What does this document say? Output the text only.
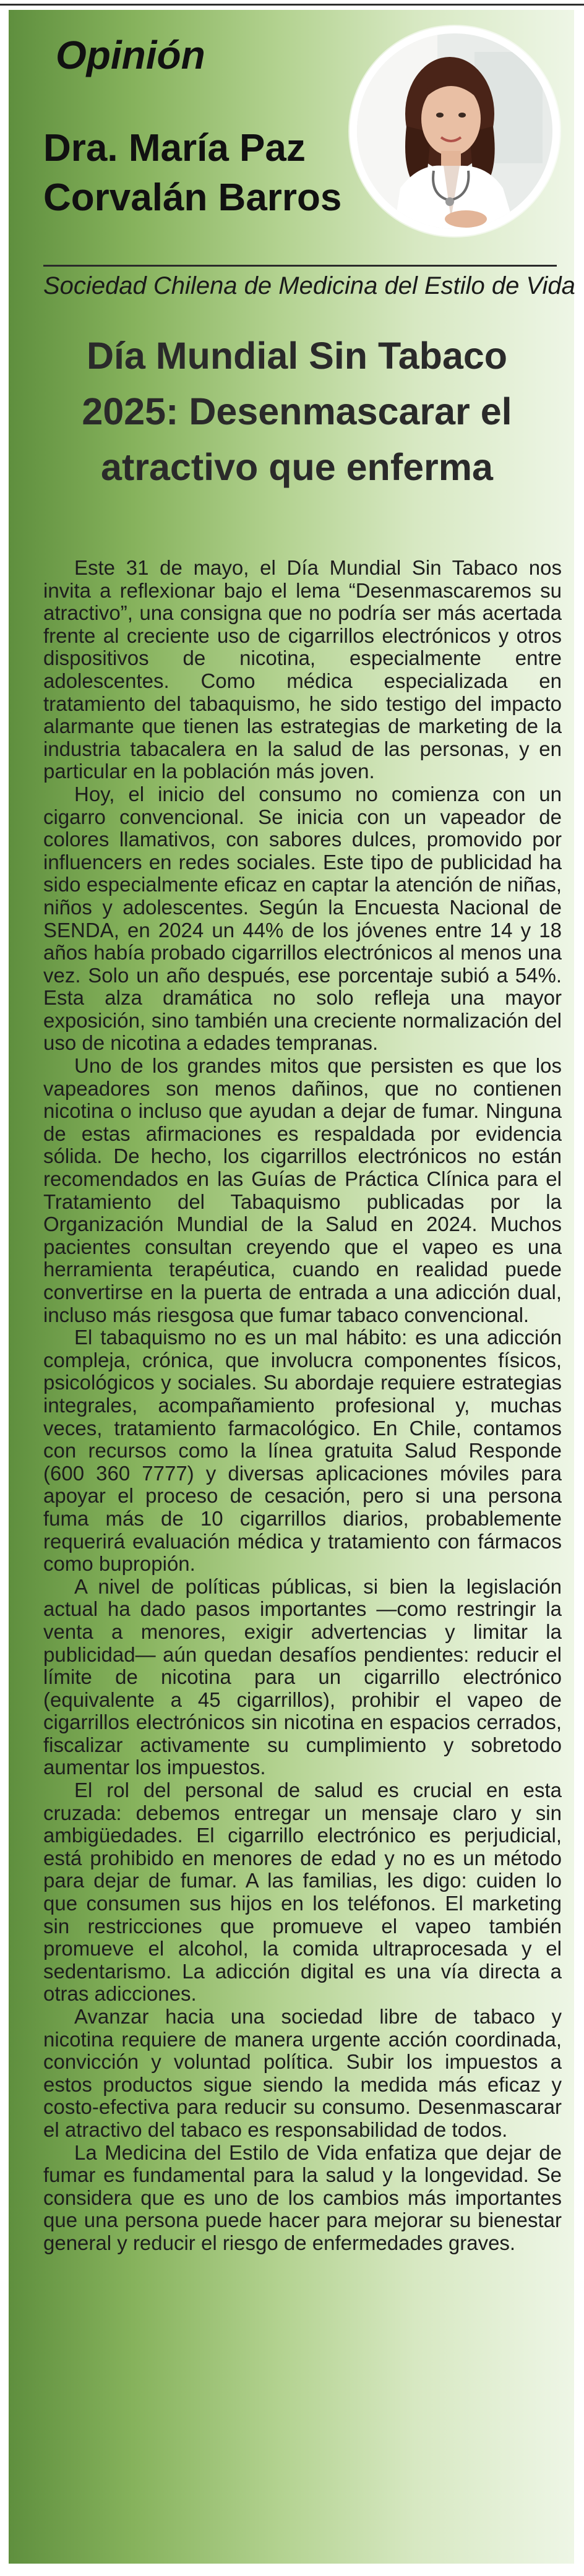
Opinión
Dra. María Paz
Corvalán Barros
Sociedad Chilena de Medicina del Estilo de Vida
Día Mundial Sin Tabaco
2025: Desenmascarar el
atractivo que enferma

Este 31 de mayo, el Día Mundial Sin Tabaco nos invita a reflexionar bajo el lema “Desenmascaremos su atractivo”, una consigna que no podría ser más acertada frente al creciente uso de cigarrillos electrónicos y otros dispositivos de nicotina, especialmente entre adolescentes. Como médica especializada en tratamiento del tabaquismo, he sido testigo del impacto alarmante que tienen las estrategias de marketing de la industria tabacalera en la salud de las personas, y en particular en la población más joven.

Hoy, el inicio del consumo no comienza con un cigarro convencional. Se inicia con un vapeador de colores llamativos, con sabores dulces, promovido por influencers en redes sociales. Este tipo de publicidad ha sido especialmente eficaz en captar la atención de niñas, niños y adolescentes. Según la Encuesta Nacional de SENDA, en 2024 un 44% de los jóvenes entre 14 y 18 años había probado cigarrillos electrónicos al menos una vez. Solo un año después, ese porcentaje subió a 54%. Esta alza dramática no solo refleja una mayor exposición, sino también una creciente normalización del uso de nicotina a edades tempranas.

Uno de los grandes mitos que persisten es que los vapeadores son menos dañinos, que no contienen nicotina o incluso que ayudan a dejar de fumar. Ninguna de estas afirmaciones es respaldada por evidencia sólida. De hecho, los cigarrillos electrónicos no están recomendados en las Guías de Práctica Clínica para el Tratamiento del Tabaquismo publicadas por la Organización Mundial de la Salud en 2024. Muchos pacientes consultan creyendo que el vapeo es una herramienta terapéutica, cuando en realidad puede convertirse en la puerta de entrada a una adicción dual, incluso más riesgosa que fumar tabaco convencional.

El tabaquismo no es un mal hábito: es una adicción compleja, crónica, que involucra componentes físicos, psicológicos y sociales. Su abordaje requiere estrategias integrales, acompañamiento profesional y, muchas veces, tratamiento farmacológico. En Chile, contamos con recursos como la línea gratuita Salud Responde (600 360 7777) y diversas aplicaciones móviles para apoyar el proceso de cesación, pero si una persona fuma más de 10 cigarrillos diarios, probablemente requerirá evaluación médica y tratamiento con fármacos como bupropión.

A nivel de políticas públicas, si bien la legislación actual ha dado pasos importantes —como restringir la venta a menores, exigir advertencias y limitar la publicidad— aún quedan desafíos pendientes: reducir el límite de nicotina para un cigarrillo electrónico (equivalente a 45 cigarrillos), prohibir el vapeo de cigarrillos electrónicos sin nicotina en espacios cerrados, fiscalizar activamente su cumplimiento y sobretodo aumentar los impuestos.

El rol del personal de salud es crucial en esta cruzada: debemos entregar un mensaje claro y sin ambigüedades. El cigarrillo electrónico es perjudicial, está prohibido en menores de edad y no es un método para dejar de fumar. A las familias, les digo: cuiden lo que consumen sus hijos en los teléfonos. El marketing sin restricciones que promueve el vapeo también promueve el alcohol, la comida ultraprocesada y el sedentarismo. La adicción digital es una vía directa a otras adicciones.

Avanzar hacia una sociedad libre de tabaco y nicotina requiere de manera urgente acción coordinada, convicción y voluntad política. Subir los impuestos a estos productos sigue siendo la medida más eficaz y costo-efectiva para reducir su consumo. Desenmascarar el atractivo del tabaco es responsabilidad de todos.

La Medicina del Estilo de Vida enfatiza que dejar de fumar es fundamental para la salud y la longevidad. Se considera que es uno de los cambios más importantes que una persona puede hacer para mejorar su bienestar general y reducir el riesgo de enfermedades graves.
